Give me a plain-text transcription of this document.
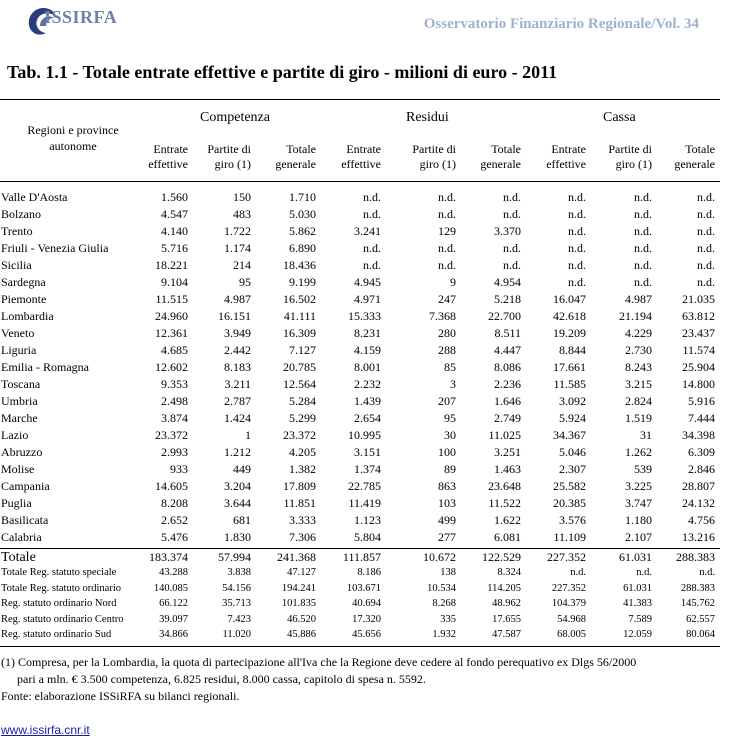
ISSIRFA	Osservatorio Finanziario Regionale/Vol. 34
Tab. 1.1 - Totale entrate effettive e partite di giro - milioni di euro - 2011
Regioni e province
autonome
Competenza	Residui	Cassa
Entrate
effettive
Partite di
giro (1)
Totale
generale
Entrate
effettive
Partite di
giro (1)
Totale
generale
Entrate
effettive
Partite di
giro (1)
Totale
generale
Valle D'Aosta	1.560	150	1.710	n.d.	n.d.	n.d.	n.d.	n.d.	n.d.
Bolzano	4.547	483	5.030	n.d.	n.d.	n.d.	n.d.	n.d.	n.d.
Trento	4.140	1.722	5.862	3.241	129	3.370	n.d.	n.d.	n.d.
Friuli - Venezia Giulia	5.716	1.174	6.890	n.d.	n.d.	n.d.	n.d.	n.d.	n.d.
Sicilia	18.221	214	18.436	n.d.	n.d.	n.d.	n.d.	n.d.	n.d.
Sardegna	9.104	95	9.199	4.945	9	4.954	n.d.	n.d.	n.d.
Piemonte	11.515	4.987	16.502	4.971	247	5.218	16.047	4.987	21.035
Lombardia	24.960	16.151	41.111	15.333	7.368	22.700	42.618	21.194	63.812
Veneto	12.361	3.949	16.309	8.231	280	8.511	19.209	4.229	23.437
Liguria	4.685	2.442	7.127	4.159	288	4.447	8.844	2.730	11.574
Emilia - Romagna	12.602	8.183	20.785	8.001	85	8.086	17.661	8.243	25.904
Toscana	9.353	3.211	12.564	2.232	3	2.236	11.585	3.215	14.800
Umbria	2.498	2.787	5.284	1.439	207	1.646	3.092	2.824	5.916
Marche	3.874	1.424	5.299	2.654	95	2.749	5.924	1.519	7.444
Lazio	23.372	1	23.372	10.995	30	11.025	34.367	31	34.398
Abruzzo	2.993	1.212	4.205	3.151	100	3.251	5.046	1.262	6.309
Molise	933	449	1.382	1.374	89	1.463	2.307	539	2.846
Campania	14.605	3.204	17.809	22.785	863	23.648	25.582	3.225	28.807
Puglia	8.208	3.644	11.851	11.419	103	11.522	20.385	3.747	24.132
Basilicata	2.652	681	3.333	1.123	499	1.622	3.576	1.180	4.756
Calabria	5.476	1.830	7.306	5.804	277	6.081	11.109	2.107	13.216
Totale	183.374	57.994	241.368	111.857	10.672	122.529	227.352	61.031	288.383
Totale Reg. statuto speciale	43.288	3.838	47.127	8.186	138	8.324	n.d.	n.d.	n.d.
Totale Reg. statuto ordinario	140.085	54.156	194.241	103.671	10.534	114.205	227.352	61.031	288.383
Reg. statuto ordinario Nord	66.122	35.713	101.835	40.694	8.268	48.962	104.379	41.383	145.762
Reg. statuto ordinario Centro	39.097	7.423	46.520	17.320	335	17.655	54.968	7.589	62.557
Reg. statuto ordinario Sud	34.866	11.020	45.886	45.656	1.932	47.587	68.005	12.059	80.064
(1) Compresa, per la Lombardia, la quota di partecipazione all'Iva che la Regione deve cedere al fondo perequativo ex Dlgs 56/2000
pari a mln. € 3.500 competenza, 6.825 residui, 8.000 cassa, capitolo di spesa n. 5592.
Fonte: elaborazione ISSiRFA su bilanci regionali.
www.issirfa.cnr.it
